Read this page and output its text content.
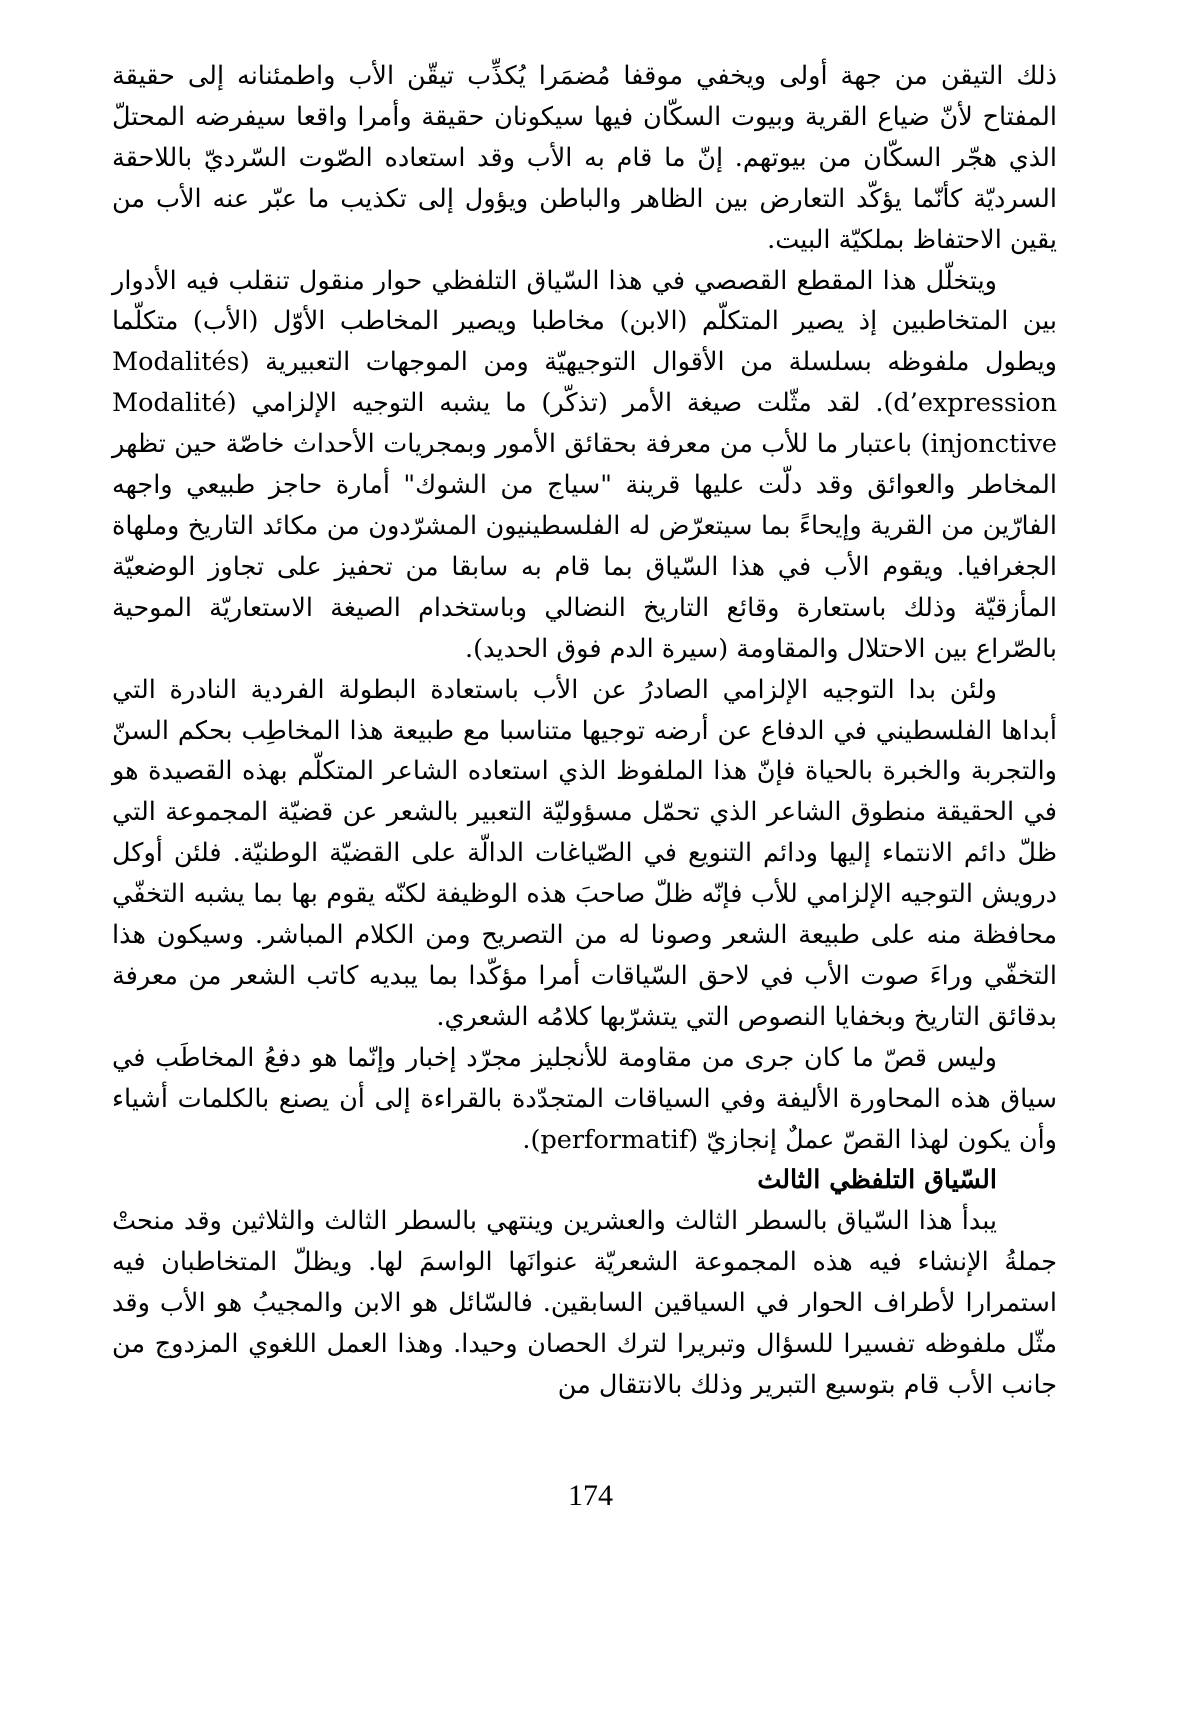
ذلك التيقن من جهة أولى ويخفي موقفا مُضمَرا يُكذِّب تيقّن الأب واطمئنانه إلى حقيقة المفتاح لأنّ ضياع القرية وبيوت السكّان فيها سيكونان حقيقة وأمرا واقعا سيفرضه المحتلّ الذي هجّر السكّان من بيوتهم. إنّ ما قام به الأب وقد استعاده الصّوت السّرديّ باللاحقة السرديّة كأنّما يؤكّد التعارض بين الظاهر والباطن ويؤول إلى تكذيب ما عبّر عنه الأب من يقين الاحتفاظ بملكيّة البيت.

ويتخلّل هذا المقطع القصصي في هذا السّياق التلفظي حوار منقول تنقلب فيه الأدوار بين المتخاطبين إذ يصير المتكلّم (الابن) مخاطبا ويصير المخاطب الأوّل (الأب) متكلّما ويطول ملفوظه بسلسلة من الأقوال التوجيهيّة ومن الموجهات التعبيرية (Modalités d’expression). لقد مثّلت صيغة الأمر (تذكّر) ما يشبه التوجيه الإلزامي (Modalité injonctive) باعتبار ما للأب من معرفة بحقائق الأمور وبمجريات الأحداث خاصّة حين تظهر المخاطر والعوائق وقد دلّت عليها قرينة "سياج من الشوك" أمارة حاجز طبيعي واجهه الفارّين من القرية وإيحاءً بما سيتعرّض له الفلسطينيون المشرّدون من مكائد التاريخ وملهاة الجغرافيا. ويقوم الأب في هذا السّياق بما قام به سابقا من تحفيز على تجاوز الوضعيّة المأزقيّة وذلك باستعارة وقائع التاريخ النضالي وباستخدام الصيغة الاستعاريّة الموحية بالصّراع بين الاحتلال والمقاومة (سيرة الدم فوق الحديد).

ولئن بدا التوجيه الإلزامي الصادرُ عن الأب باستعادة البطولة الفردية النادرة التي أبداها الفلسطيني في الدفاع عن أرضه توجيها متناسبا مع طبيعة هذا المخاطِب بحكم السنّ والتجربة والخبرة بالحياة فإنّ هذا الملفوظ الذي استعاده الشاعر المتكلّم بهذه القصيدة هو في الحقيقة منطوق الشاعر الذي تحمّل مسؤوليّة التعبير بالشعر عن قضيّة المجموعة التي ظلّ دائم الانتماء إليها ودائم التنويع في الصّياغات الدالّة على القضيّة الوطنيّة. فلئن أوكل درويش التوجيه الإلزامي للأب فإنّه ظلّ صاحبَ هذه الوظيفة لكنّه يقوم بها بما يشبه التخفّي محافظة منه على طبيعة الشعر وصونا له من التصريح ومن الكلام المباشر. وسيكون هذا التخفّي وراءَ صوت الأب في لاحق السّياقات أمرا مؤكّدا بما يبديه كاتب الشعر من معرفة بدقائق التاريخ وبخفايا النصوص التي يتشرّبها كلامُه الشعري.

وليس قصّ ما كان جرى من مقاومة للأنجليز مجرّد إخبار وإنّما هو دفعُ المخاطَب في سياق هذه المحاورة الأليفة وفي السياقات المتجدّدة بالقراءة إلى أن يصنع بالكلمات أشياء وأن يكون لهذا القصّ عملٌ إنجازيّ (performatif).

السّياق التلفظي الثالث

يبدأ هذا السّياق بالسطر الثالث والعشرين وينتهي بالسطر الثالث والثلاثين وقد منحتْ جملةُ الإنشاء فيه هذه المجموعة الشعريّة عنوانَها الواسمَ لها. ويظلّ المتخاطبان فيه استمرارا لأطراف الحوار في السياقين السابقين. فالسّائل هو الابن والمجيبُ هو الأب وقد مثّل ملفوظه تفسيرا للسؤال وتبريرا لترك الحصان وحيدا. وهذا العمل اللغوي المزدوج من جانب الأب قام بتوسيع التبرير وذلك بالانتقال من

174
